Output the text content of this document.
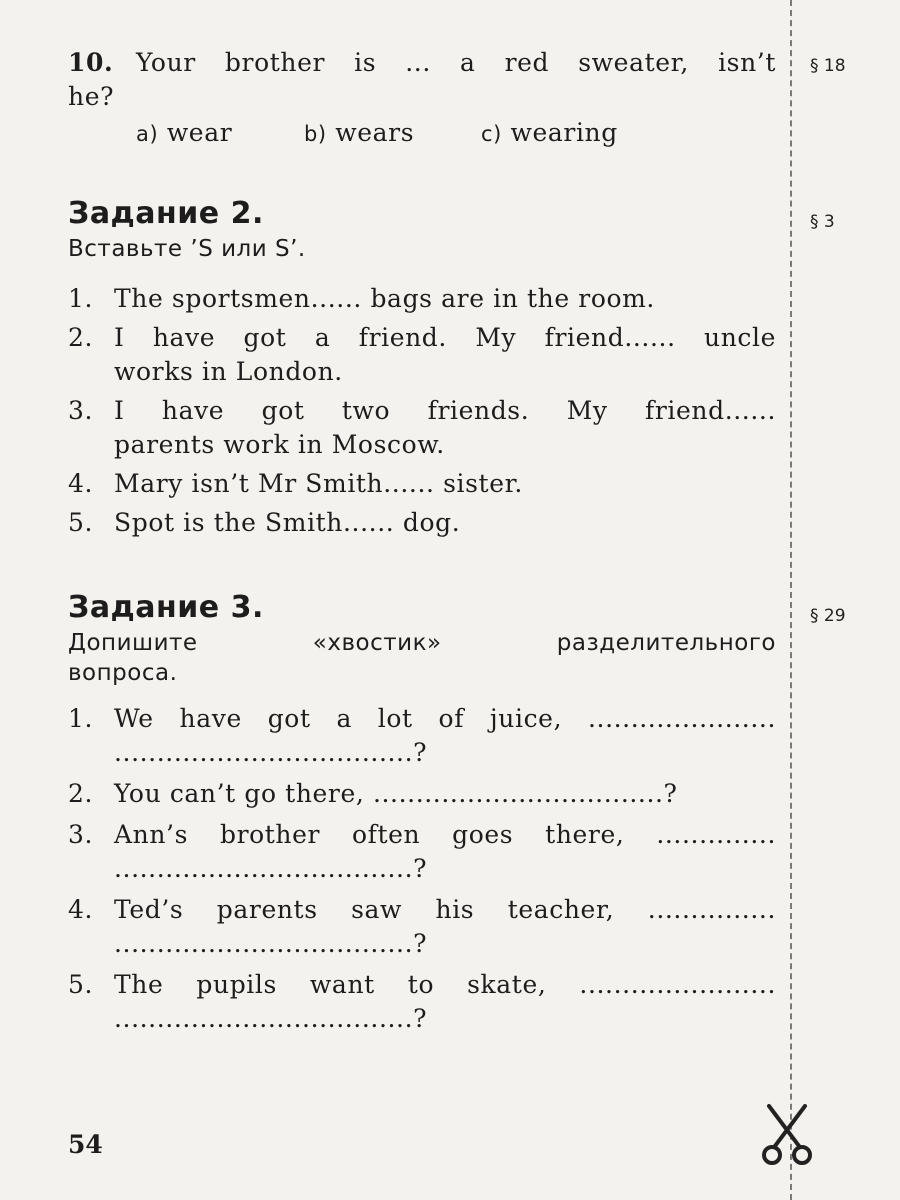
10. Your brother is ... a red sweater, isn’t
he?
a) wear	b) wears	c) wearing
Задание 2.
Вставьте ’S или S’.
1. The sportsmen...... bags are in the room.
2. I have got a friend. My friend...... uncle
works in London.
3. I have got two friends. My friend......
parents work in Moscow.
4. Mary isn’t Mr Smith...... sister.
5. Spot is the Smith...... dog.
Задание 3.
Допишите «хвостик» разделительного
вопроса.
1. We have got a lot of juice, ......................
...................................?
2. You can’t go there, ..................................?
3. Ann’s brother often goes there, ..............
...................................?
4. Ted’s parents saw his teacher, ...............
...................................?
5. The pupils want to skate, .......................
...................................?
§ 18
§ 3
§ 29
54
